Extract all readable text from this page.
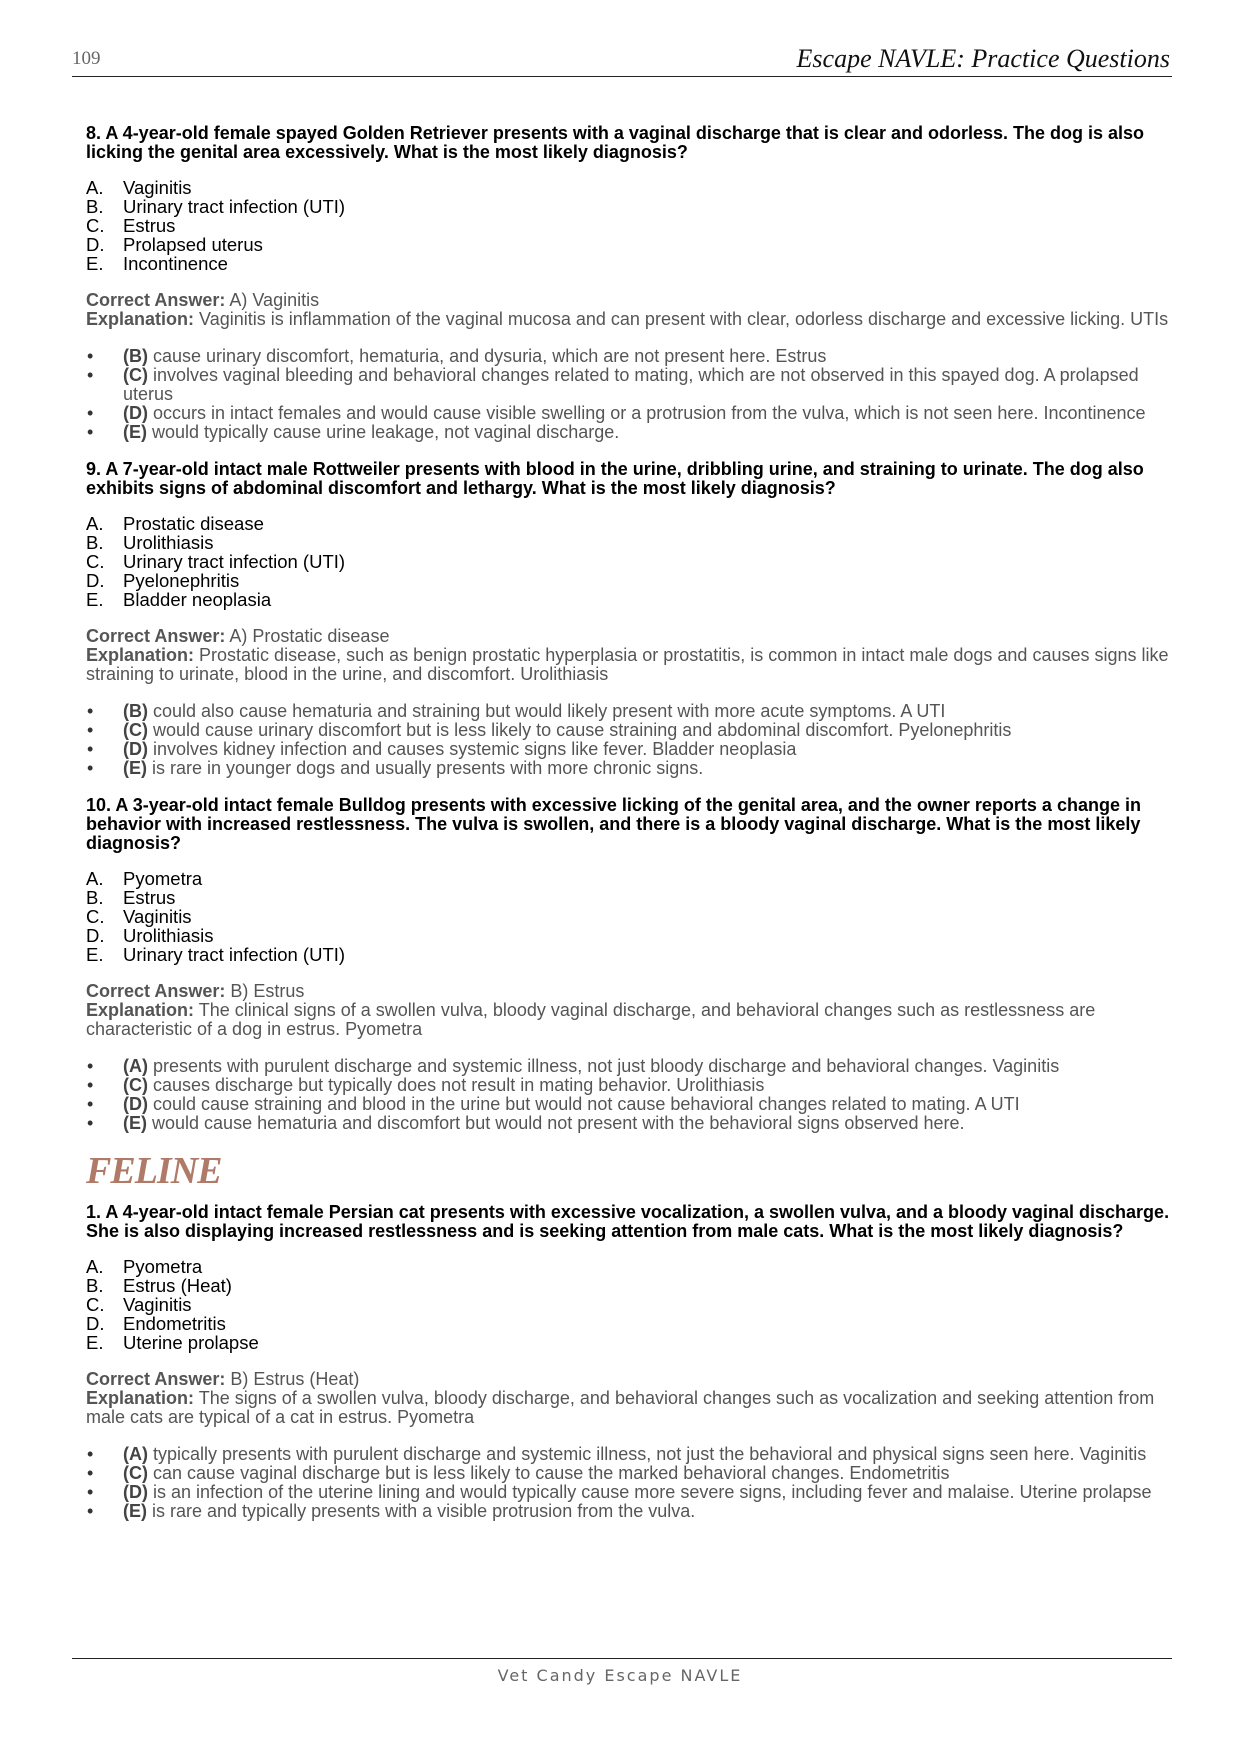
109	Escape NAVLE: Practice Questions

8. A 4-year-old female spayed Golden Retriever presents with a vaginal discharge that is clear and odorless. The dog is also licking the genital area excessively. What is the most likely diagnosis?

A. Vaginitis
B. Urinary tract infection (UTI)
C. Estrus
D. Prolapsed uterus
E. Incontinence
Correct Answer: A) Vaginitis
Explanation: Vaginitis is inflammation of the vaginal mucosa and can present with clear, odorless discharge and excessive licking. UTIs
• (B) cause urinary discomfort, hematuria, and dysuria, which are not present here. Estrus
• (C) involves vaginal bleeding and behavioral changes related to mating, which are not observed in this spayed dog. A prolapsed uterus
• (D) occurs in intact females and would cause visible swelling or a protrusion from the vulva, which is not seen here. Incontinence
• (E) would typically cause urine leakage, not vaginal discharge.

9. A 7-year-old intact male Rottweiler presents with blood in the urine, dribbling urine, and straining to urinate. The dog also exhibits signs of abdominal discomfort and lethargy. What is the most likely diagnosis?

A. Prostatic disease
B. Urolithiasis
C. Urinary tract infection (UTI)
D. Pyelonephritis
E. Bladder neoplasia
Correct Answer: A) Prostatic disease
Explanation: Prostatic disease, such as benign prostatic hyperplasia or prostatitis, is common in intact male dogs and causes signs like straining to urinate, blood in the urine, and discomfort. Urolithiasis
• (B) could also cause hematuria and straining but would likely present with more acute symptoms. A UTI
• (C) would cause urinary discomfort but is less likely to cause straining and abdominal discomfort. Pyelonephritis
• (D) involves kidney infection and causes systemic signs like fever. Bladder neoplasia
• (E) is rare in younger dogs and usually presents with more chronic signs.

10. A 3-year-old intact female Bulldog presents with excessive licking of the genital area, and the owner reports a change in behavior with increased restlessness. The vulva is swollen, and there is a bloody vaginal discharge. What is the most likely diagnosis?

A. Pyometra
B. Estrus
C. Vaginitis
D. Urolithiasis
E. Urinary tract infection (UTI)
Correct Answer: B) Estrus
Explanation: The clinical signs of a swollen vulva, bloody vaginal discharge, and behavioral changes such as restlessness are characteristic of a dog in estrus. Pyometra
• (A) presents with purulent discharge and systemic illness, not just bloody discharge and behavioral changes. Vaginitis
• (C) causes discharge but typically does not result in mating behavior. Urolithiasis
• (D) could cause straining and blood in the urine but would not cause behavioral changes related to mating. A UTI
• (E) would cause hematuria and discomfort but would not present with the behavioral signs observed here.
FELINE

1. A 4-year-old intact female Persian cat presents with excessive vocalization, a swollen vulva, and a bloody vaginal discharge. She is also displaying increased restlessness and is seeking attention from male cats. What is the most likely diagnosis?

A. Pyometra
B. Estrus (Heat)
C. Vaginitis
D. Endometritis
E. Uterine prolapse
Correct Answer: B) Estrus (Heat)
Explanation: The signs of a swollen vulva, bloody discharge, and behavioral changes such as vocalization and seeking attention from male cats are typical of a cat in estrus. Pyometra
• (A) typically presents with purulent discharge and systemic illness, not just the behavioral and physical signs seen here. Vaginitis
• (C) can cause vaginal discharge but is less likely to cause the marked behavioral changes. Endometritis
• (D) is an infection of the uterine lining and would typically cause more severe signs, including fever and malaise. Uterine prolapse
• (E) is rare and typically presents with a visible protrusion from the vulva.
Vet Candy Escape NAVLE
